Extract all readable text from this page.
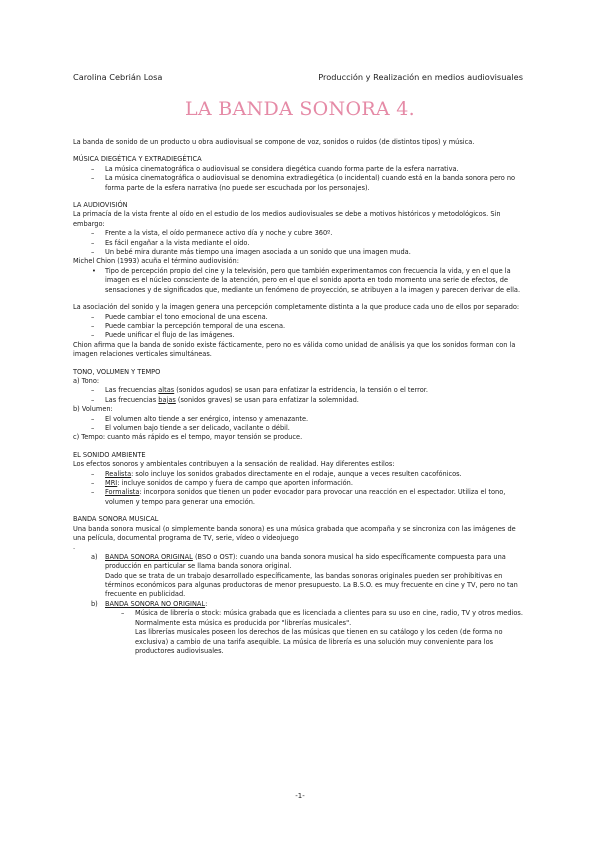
Carolina Cebrián Losa	Producción y Realización en medios audiovisuales
LA BANDA SONORA 4.

La banda de sonido de un producto u obra audiovisual se compone de voz, sonidos o ruidos (de distintos tipos) y música.

MÚSICA DIEGÉTICA Y EXTRADIEGÉTICA

– La música cinematográfica o audiovisual se considera diegética cuando forma parte de la esfera narrativa.

– La música cinematográfica o audiovisual se denomina extradiegética (o incidental) cuando está en la banda sonora pero no forma parte de la esfera narrativa (no puede ser escuchada por los personajes).

LA AUDIOVISIÓN

La primacía de la vista frente al oído en el estudio de los medios audiovisuales se debe a motivos históricos y metodológicos. Sin embargo:

– Frente a la vista, el oído permanece activo día y noche y cubre 360º.

– Es fácil engañar a la vista mediante el oído.

– Un bebé mira durante más tiempo una imagen asociada a un sonido que una imagen muda.

Michel Chion (1993) acuña el término audiovisión:

• Tipo de percepción propio del cine y la televisión, pero que también experimentamos con frecuencia la vida, y en el que la imagen es el núcleo consciente de la atención, pero en el que el sonido aporta en todo momento una serie de efectos, de sensaciones y de significados que, mediante un fenómeno de proyección, se atribuyen a la imagen y parecen derivar de ella.

La asociación del sonido y la imagen genera una percepción completamente distinta a la que produce cada uno de ellos por separado:

– Puede cambiar el tono emocional de una escena.

– Puede cambiar la percepción temporal de una escena.

– Puede unificar el flujo de las imágenes.

Chion afirma que la banda de sonido existe fácticamente, pero no es válida como unidad de análisis ya que los sonidos forman con la imagen relaciones verticales simultáneas.

TONO, VOLUMEN Y TEMPO

a) Tono:

– Las frecuencias altas (sonidos agudos) se usan para enfatizar la estridencia, la tensión o el terror.

– Las frecuencias bajas (sonidos graves) se usan para enfatizar la solemnidad.

b) Volumen:

– El volumen alto tiende a ser enérgico, intenso y amenazante.

– El volumen bajo tiende a ser delicado, vacilante o débil.

c) Tempo: cuanto más rápido es el tempo, mayor tensión se produce.

EL SONIDO AMBIENTE

Los efectos sonoros y ambientales contribuyen a la sensación de realidad. Hay diferentes estilos:

– Realista: solo incluye los sonidos grabados directamente en el rodaje, aunque a veces resulten cacofónicos.

– MRI: incluye sonidos de campo y fuera de campo que aporten información.

– Formalista: incorpora sonidos que tienen un poder evocador para provocar una reacción en el espectador. Utiliza el tono, volumen y tempo para generar una emoción.

BANDA SONORA MUSICAL

Una banda sonora musical (o simplemente banda sonora) es una música grabada que acompaña y se sincroniza con las imágenes de una película, documental programa de TV, serie, vídeo o videojuego

.

a) BANDA SONORA ORIGINAL (BSO o OST): cuando una banda sonora musical ha sido específicamente compuesta para una producción en particular se llama banda sonora original.

Dado que se trata de un trabajo desarrollado específicamente, las bandas sonoras originales pueden ser prohibitivas en términos económicos para algunas productoras de menor presupuesto. La B.S.O. es muy frecuente en cine y TV, pero no tan frecuente en publicidad.

b) BANDA SONORA NO ORIGINAL:

– Música de librería o stock: música grabada que es licenciada a clientes para su uso en cine, radio, TV y otros medios. Normalmente esta música es producida por "librerías musicales".

Las librerías musicales poseen los derechos de las músicas que tienen en su catálogo y los ceden (de forma no exclusiva) a cambio de una tarifa asequible. La música de librería es una solución muy conveniente para los productores audiovisuales.

-1-
